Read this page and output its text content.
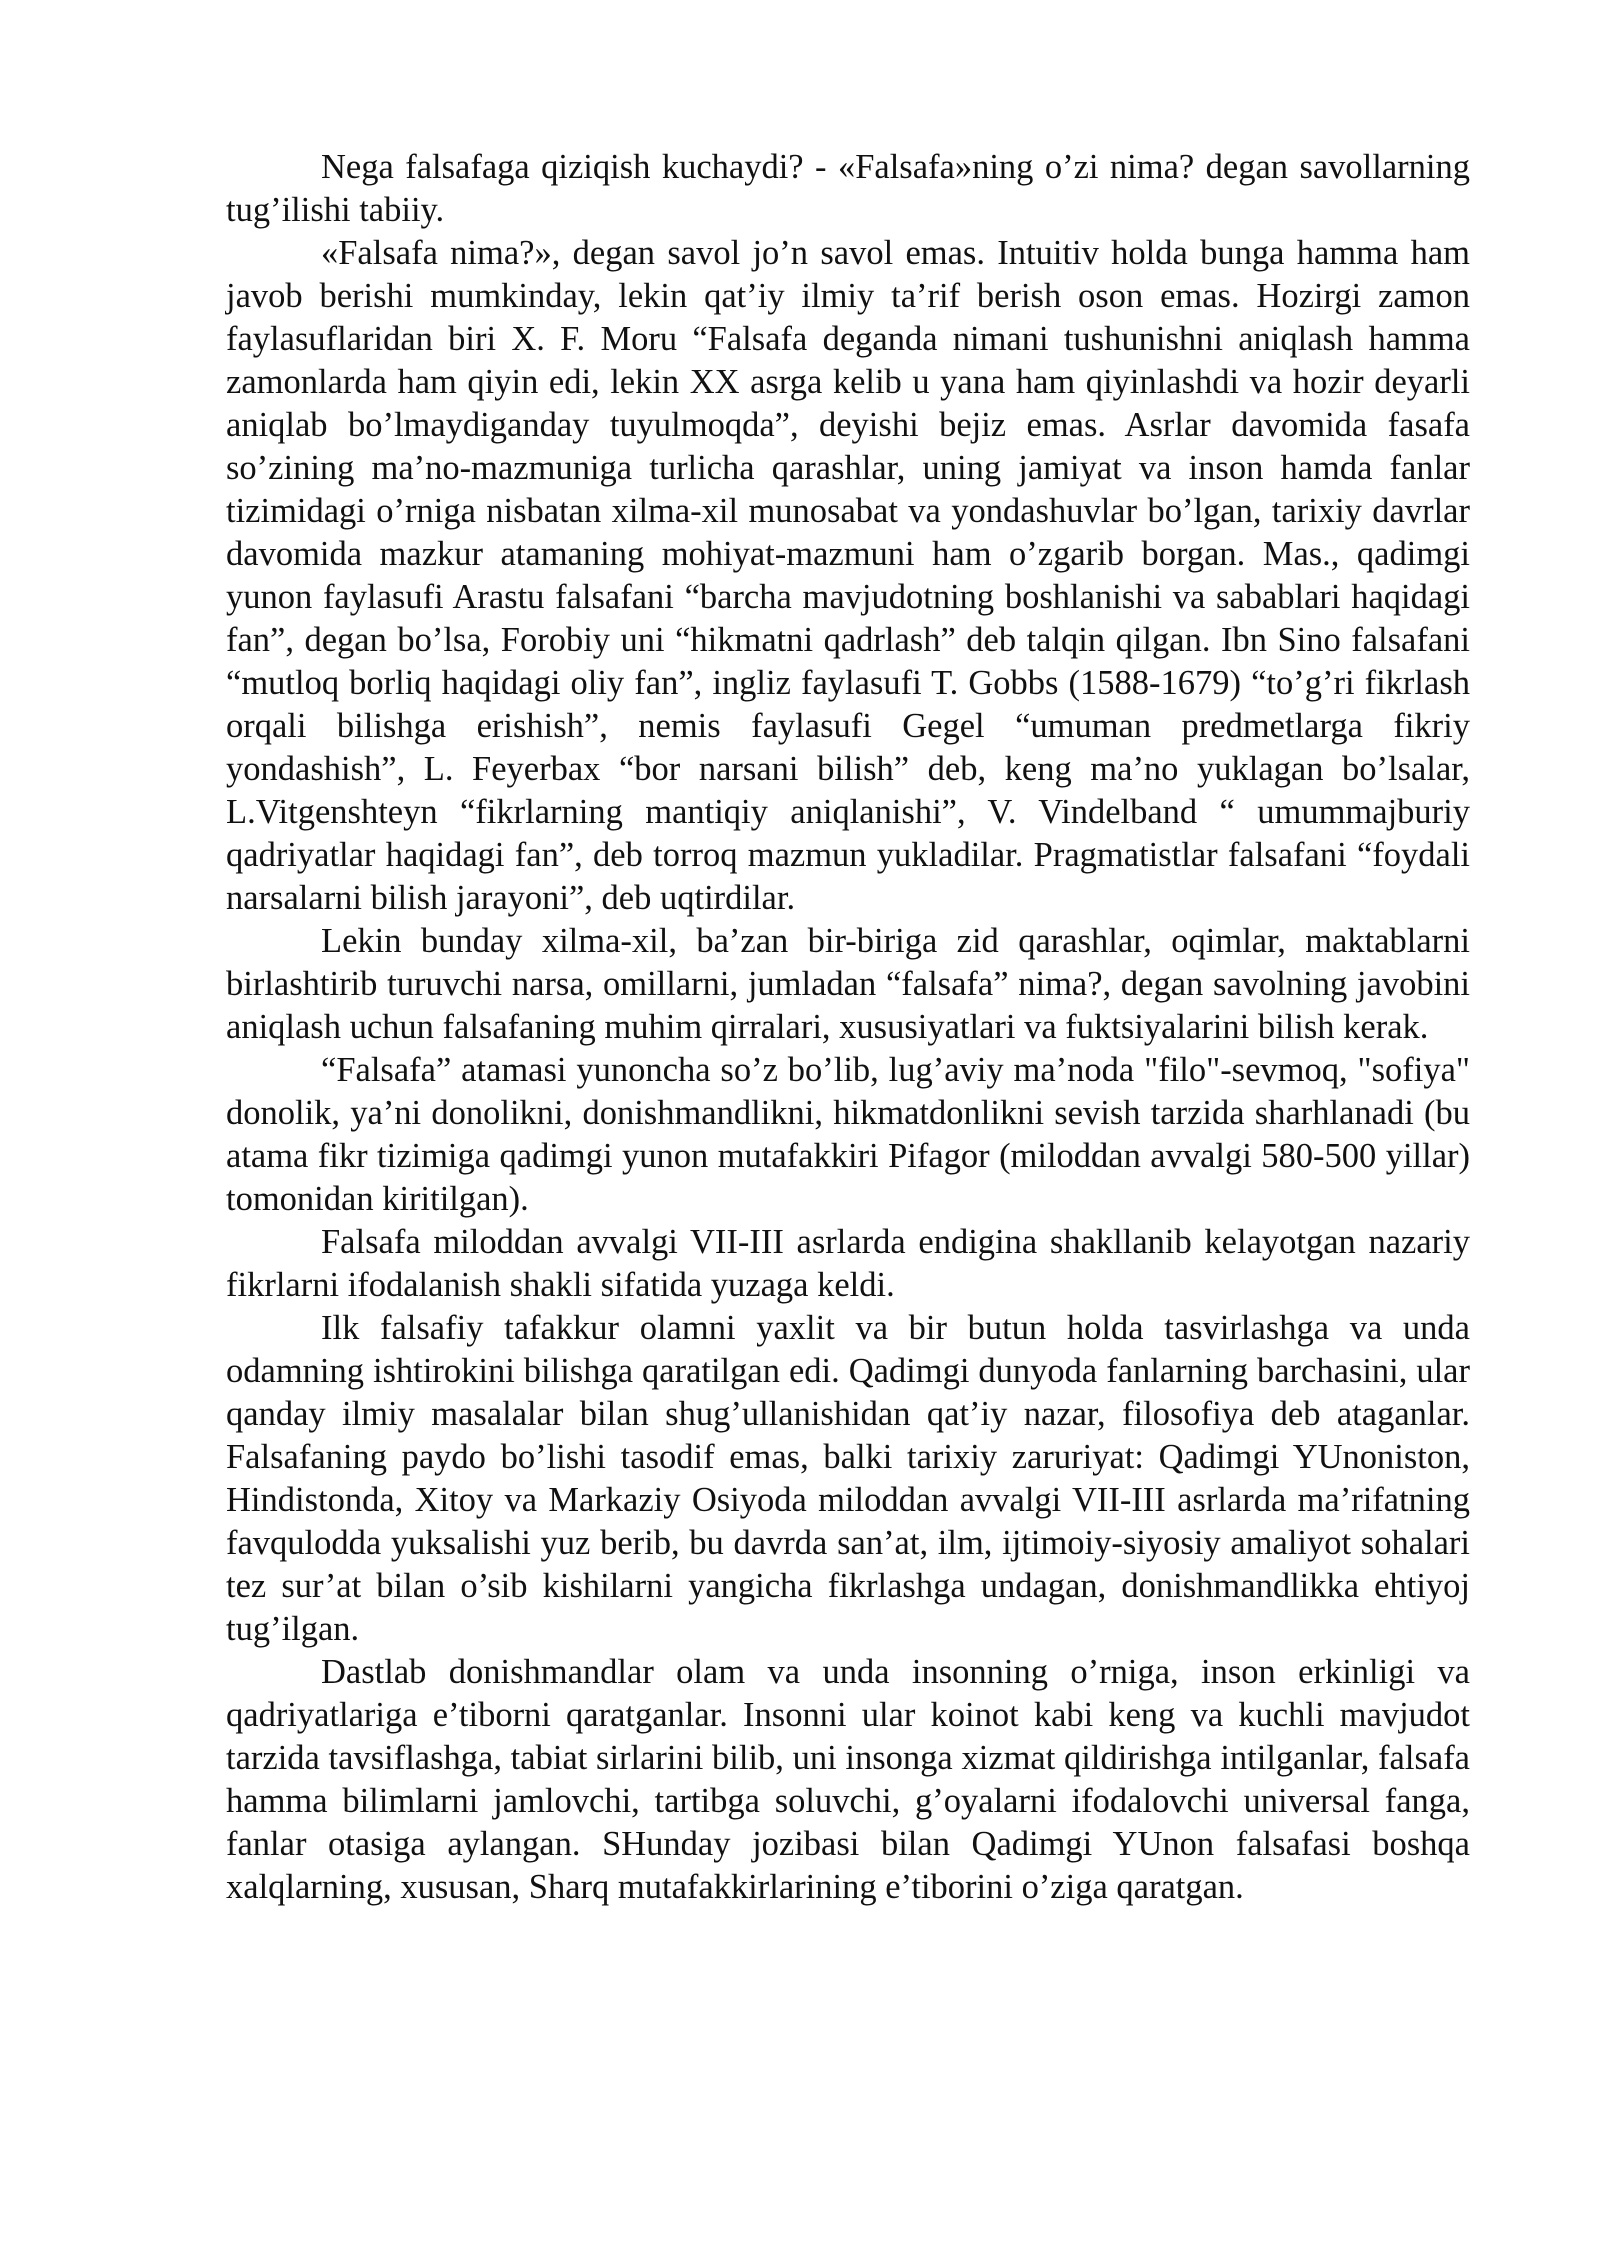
Nega falsafaga qiziqish kuchaydi? - «Falsafa»ning o’zi nima? degan savollarning tug’ilishi tabiiy.

«Falsafa nima?», degan savol jo’n savol emas. Intuitiv holda bunga hamma ham javob berishi mumkinday, lekin qat’iy ilmiy ta’rif berish oson emas. Hozirgi zamon faylasuflaridan biri X. F. Moru “Falsafa deganda nimani tushunishni aniqlash hamma zamonlarda ham qiyin edi, lekin XX asrga kelib u yana ham qiyinlashdi va hozir deyarli aniqlab bo’lmaydiganday tuyulmoqda”, deyishi bejiz emas. Asrlar davomida fasafa so’zining ma’no-mazmuniga turlicha qarashlar, uning jamiyat va inson hamda fanlar tizimidagi o’rniga nisbatan xilma-xil munosabat va yondashuvlar bo’lgan, tarixiy davrlar davomida mazkur atamaning mohiyat-mazmuni ham o’zgarib borgan. Mas., qadimgi yunon faylasufi Arastu falsafani “barcha mavjudotning boshlanishi va sabablari haqidagi fan”, degan bo’lsa, Forobiy uni “hikmatni qadrlash” deb talqin qilgan. Ibn Sino falsafani “mutloq borliq haqidagi oliy fan”, ingliz faylasufi T. Gobbs (1588-1679) “to’g’ri fikrlash orqali bilishga erishish”, nemis faylasufi Gegel “umuman predmetlarga fikriy yondashish”, L. Feyerbax “bor narsani bilish” deb, keng ma’no yuklagan bo’lsalar, L.Vitgenshteyn “fikrlarning mantiqiy aniqlanishi”, V. Vindelband “ umummajburiy qadriyatlar haqidagi fan”, deb torroq mazmun yukladilar. Pragmatistlar falsafani “foydali narsalarni bilish jarayoni”, deb uqtirdilar.

Lekin bunday xilma-xil, ba’zan bir-biriga zid qarashlar, oqimlar, maktablarni birlashtirib turuvchi narsa, omillarni, jumladan “falsafa” nima?, degan savolning javobini aniqlash uchun falsafaning muhim qirralari, xususiyatlari va fuktsiyalarini bilish kerak.

“Falsafa” atamasi yunoncha so’z bo’lib, lug’aviy ma’noda "filo"-sevmoq, "sofiya" donolik, ya’ni donolikni, donishmandlikni, hikmatdonlikni sevish tarzida sharhlanadi (bu atama fikr tizimiga qadimgi yunon mutafakkiri Pifagor (miloddan avvalgi 580-500 yillar) tomonidan kiritilgan).

Falsafa miloddan avvalgi VII-III asrlarda endigina shakllanib kelayotgan nazariy fikrlarni ifodalanish shakli sifatida yuzaga keldi.

Ilk falsafiy tafakkur olamni yaxlit va bir butun holda tasvirlashga va unda odamning ishtirokini bilishga qaratilgan edi. Qadimgi dunyoda fanlarning barchasini, ular qanday ilmiy masalalar bilan shug’ullanishidan qat’iy nazar, filosofiya deb ataganlar. Falsafaning paydo bo’lishi tasodif emas, balki tarixiy zaruriyat: Qadimgi YUnoniston, Hindistonda, Xitoy va Markaziy Osiyoda miloddan avvalgi VII-III asrlarda ma’rifatning favqulodda yuksalishi yuz berib, bu davrda san’at, ilm, ijtimoiy-siyosiy amaliyot sohalari tez sur’at bilan o’sib kishilarni yangicha fikrlashga undagan, donishmandlikka ehtiyoj tug’ilgan.

Dastlab donishmandlar olam va unda insonning o’rniga, inson erkinligi va qadriyatlariga e’tiborni qaratganlar. Insonni ular koinot kabi keng va kuchli mavjudot tarzida tavsiflashga, tabiat sirlarini bilib, uni insonga xizmat qildirishga intilganlar, falsafa hamma bilimlarni jamlovchi, tartibga soluvchi, g’oyalarni ifodalovchi universal fanga, fanlar otasiga aylangan. SHunday jozibasi bilan Qadimgi YUnon falsafasi boshqa xalqlarning, xususan, Sharq mutafakkirlarining e’tiborini o’ziga qaratgan.
